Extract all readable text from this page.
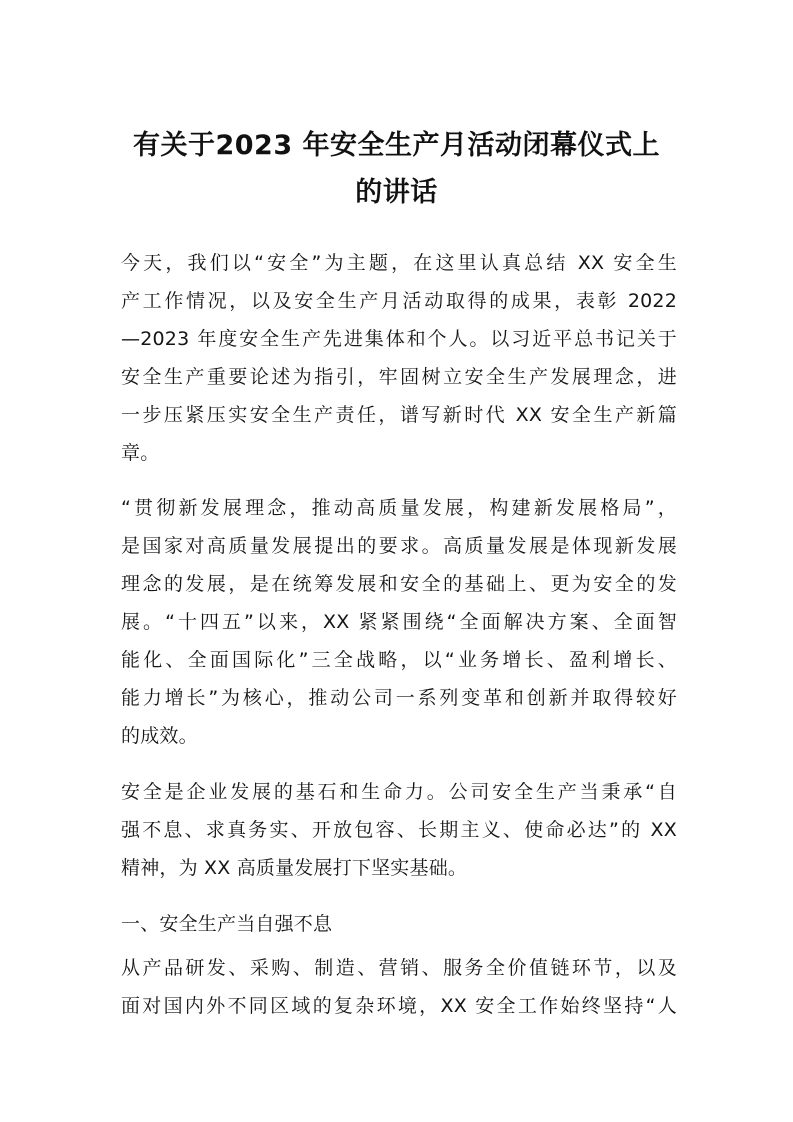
有关于2023 年安全生产月活动闭幕仪式上
的讲话
今天，我们以“安全”为主题，在这里认真总结 XX 安全生
产工作情况，以及安全生产月活动取得的成果，表彰 2022
—2023 年度安全生产先进集体和个人。以习近平总书记关于
安全生产重要论述为指引，牢固树立安全生产发展理念，进
一步压紧压实安全生产责任，谱写新时代 XX 安全生产新篇
章。
“贯彻新发展理念，推动高质量发展，构建新发展格局”，
是国家对高质量发展提出的要求。高质量发展是体现新发展
理念的发展，是在统筹发展和安全的基础上、更为安全的发
展。“十四五”以来，XX 紧紧围绕“全面解决方案、全面智
能化、全面国际化”三全战略，以“业务增长、盈利增长、
能力增长”为核心，推动公司一系列变革和创新并取得较好
的成效。
安全是企业发展的基石和生命力。公司安全生产当秉承“自
强不息、求真务实、开放包容、长期主义、使命必达”的 XX
精神，为 XX 高质量发展打下坚实基础。
一、安全生产当自强不息
从产品研发、采购、制造、营销、服务全价值链环节，以及
面对国内外不同区域的复杂环境，XX 安全工作始终坚持“人
